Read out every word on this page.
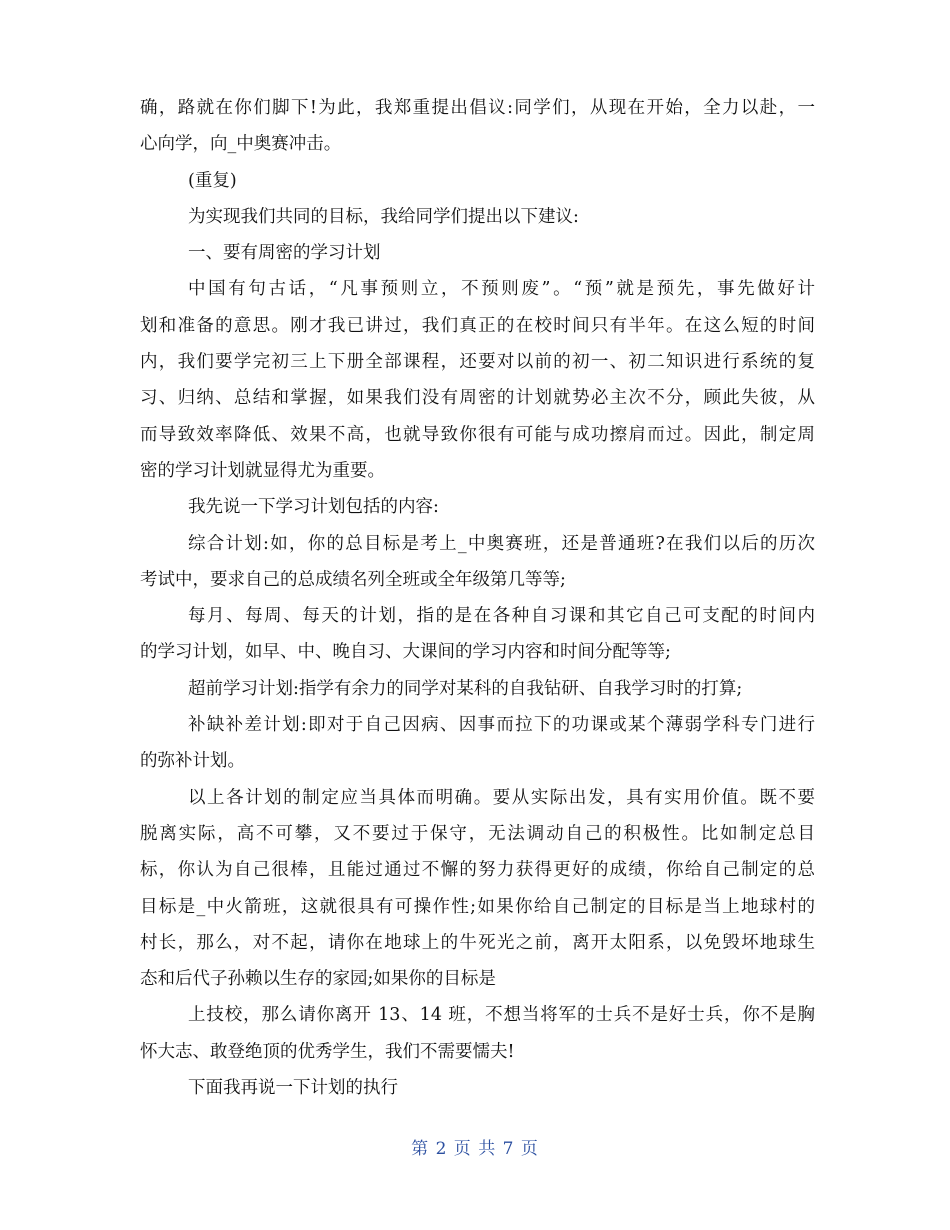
确，路就在你们脚下!为此，我郑重提出倡议:同学们，从现在开始，全力以赴，一
心向学，向_中奥赛冲击。
(重复)
为实现我们共同的目标，我给同学们提出以下建议:
一、要有周密的学习计划
中国有句古话，“凡事预则立，不预则废”。“预”就是预先，事先做好计
划和准备的意思。刚才我已讲过，我们真正的在校时间只有半年。在这么短的时间
内，我们要学完初三上下册全部课程，还要对以前的初一、初二知识进行系统的复
习、归纳、总结和掌握，如果我们没有周密的计划就势必主次不分，顾此失彼，从
而导致效率降低、效果不高，也就导致你很有可能与成功擦肩而过。因此，制定周
密的学习计划就显得尤为重要。
我先说一下学习计划包括的内容:
综合计划:如，你的总目标是考上_中奥赛班，还是普通班?在我们以后的历次
考试中，要求自己的总成绩名列全班或全年级第几等等;
每月、每周、每天的计划，指的是在各种自习课和其它自己可支配的时间内
的学习计划，如早、中、晚自习、大课间的学习内容和时间分配等等;
超前学习计划:指学有余力的同学对某科的自我钻研、自我学习时的打算;
补缺补差计划:即对于自己因病、因事而拉下的功课或某个薄弱学科专门进行
的弥补计划。
以上各计划的制定应当具体而明确。要从实际出发，具有实用价值。既不要
脱离实际，高不可攀，又不要过于保守，无法调动自己的积极性。比如制定总目
标，你认为自己很棒，且能过通过不懈的努力获得更好的成绩，你给自己制定的总
目标是_中火箭班，这就很具有可操作性;如果你给自己制定的目标是当上地球村的
村长，那么，对不起，请你在地球上的牛死光之前，离开太阳系，以免毁坏地球生
态和后代子孙赖以生存的家园;如果你的目标是
上技校，那么请你离开 13、14 班，不想当将军的士兵不是好士兵，你不是胸
怀大志、敢登绝顶的优秀学生，我们不需要懦夫!
下面我再说一下计划的执行
第 2 页 共 7 页
